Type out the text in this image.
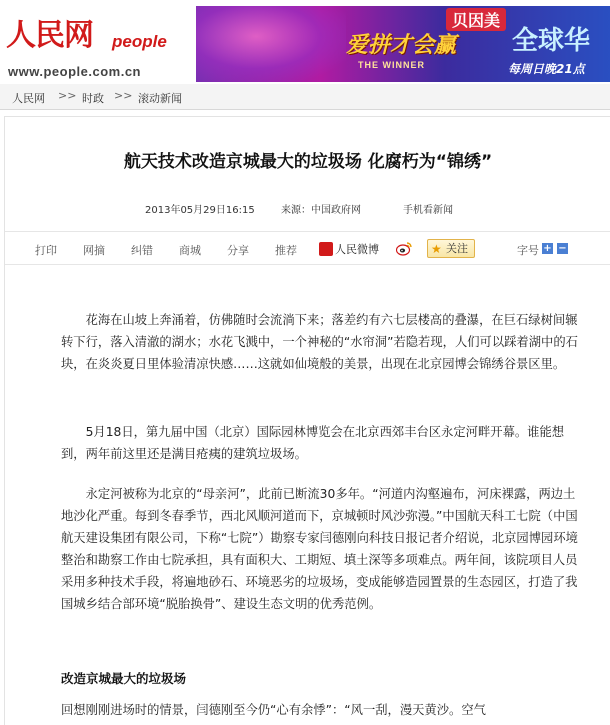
人民网 people
www.people.com.cn
贝因美
爱拼才会赢
THE WINNER
全球华
每周日晚21点
人民网 >> 时政 >> 滚动新闻
航天技术改造京城最大的垃圾场 化腐朽为“锦绣”
2013年05月29日16:15	来源：中国政府网	手机看新闻
打印 网摘 纠错 商城 分享 推荐	人民微博	★ 关注	字号 + −
花海在山坡上奔涌着，仿佛随时会流淌下来；落差约有六七层楼高的叠瀑，在巨石绿树间辗转下行，落入清澈的湖水；水花飞溅中，一个神秘的“水帘洞”若隐若现，人们可以踩着湖中的石块，在炎炎夏日里体验清凉快感……这就如仙境般的美景，出现在北京园博会锦绣谷景区里。
5月18日，第九届中国（北京）国际园林博览会在北京西郊丰台区永定河畔开幕。谁能想到，两年前这里还是满目疮痍的建筑垃圾场。
永定河被称为北京的“母亲河”，此前已断流30多年。“河道内沟壑遍布，河床裸露，两边土地沙化严重。每到冬春季节，西北风顺河道而下，京城顿时风沙弥漫。”中国航天科工七院（中国航天建设集团有限公司，下称“七院”）勘察专家闫德刚向科技日报记者介绍说，北京园博园环境整治和勘察工作由七院承担，具有面积大、工期短、填土深等多项难点。两年间，该院项目人员采用多种技术手段，将遍地砂石、环境恶劣的垃圾场，变成能够造园置景的生态园区，打造了我国城乡结合部环境“脱胎换骨”、建设生态文明的优秀范例。
改造京城最大的垃圾场
回想刚刚进场时的情景，闫德刚至今仍“心有余悸”：“风一刮，漫天黄沙。空气
